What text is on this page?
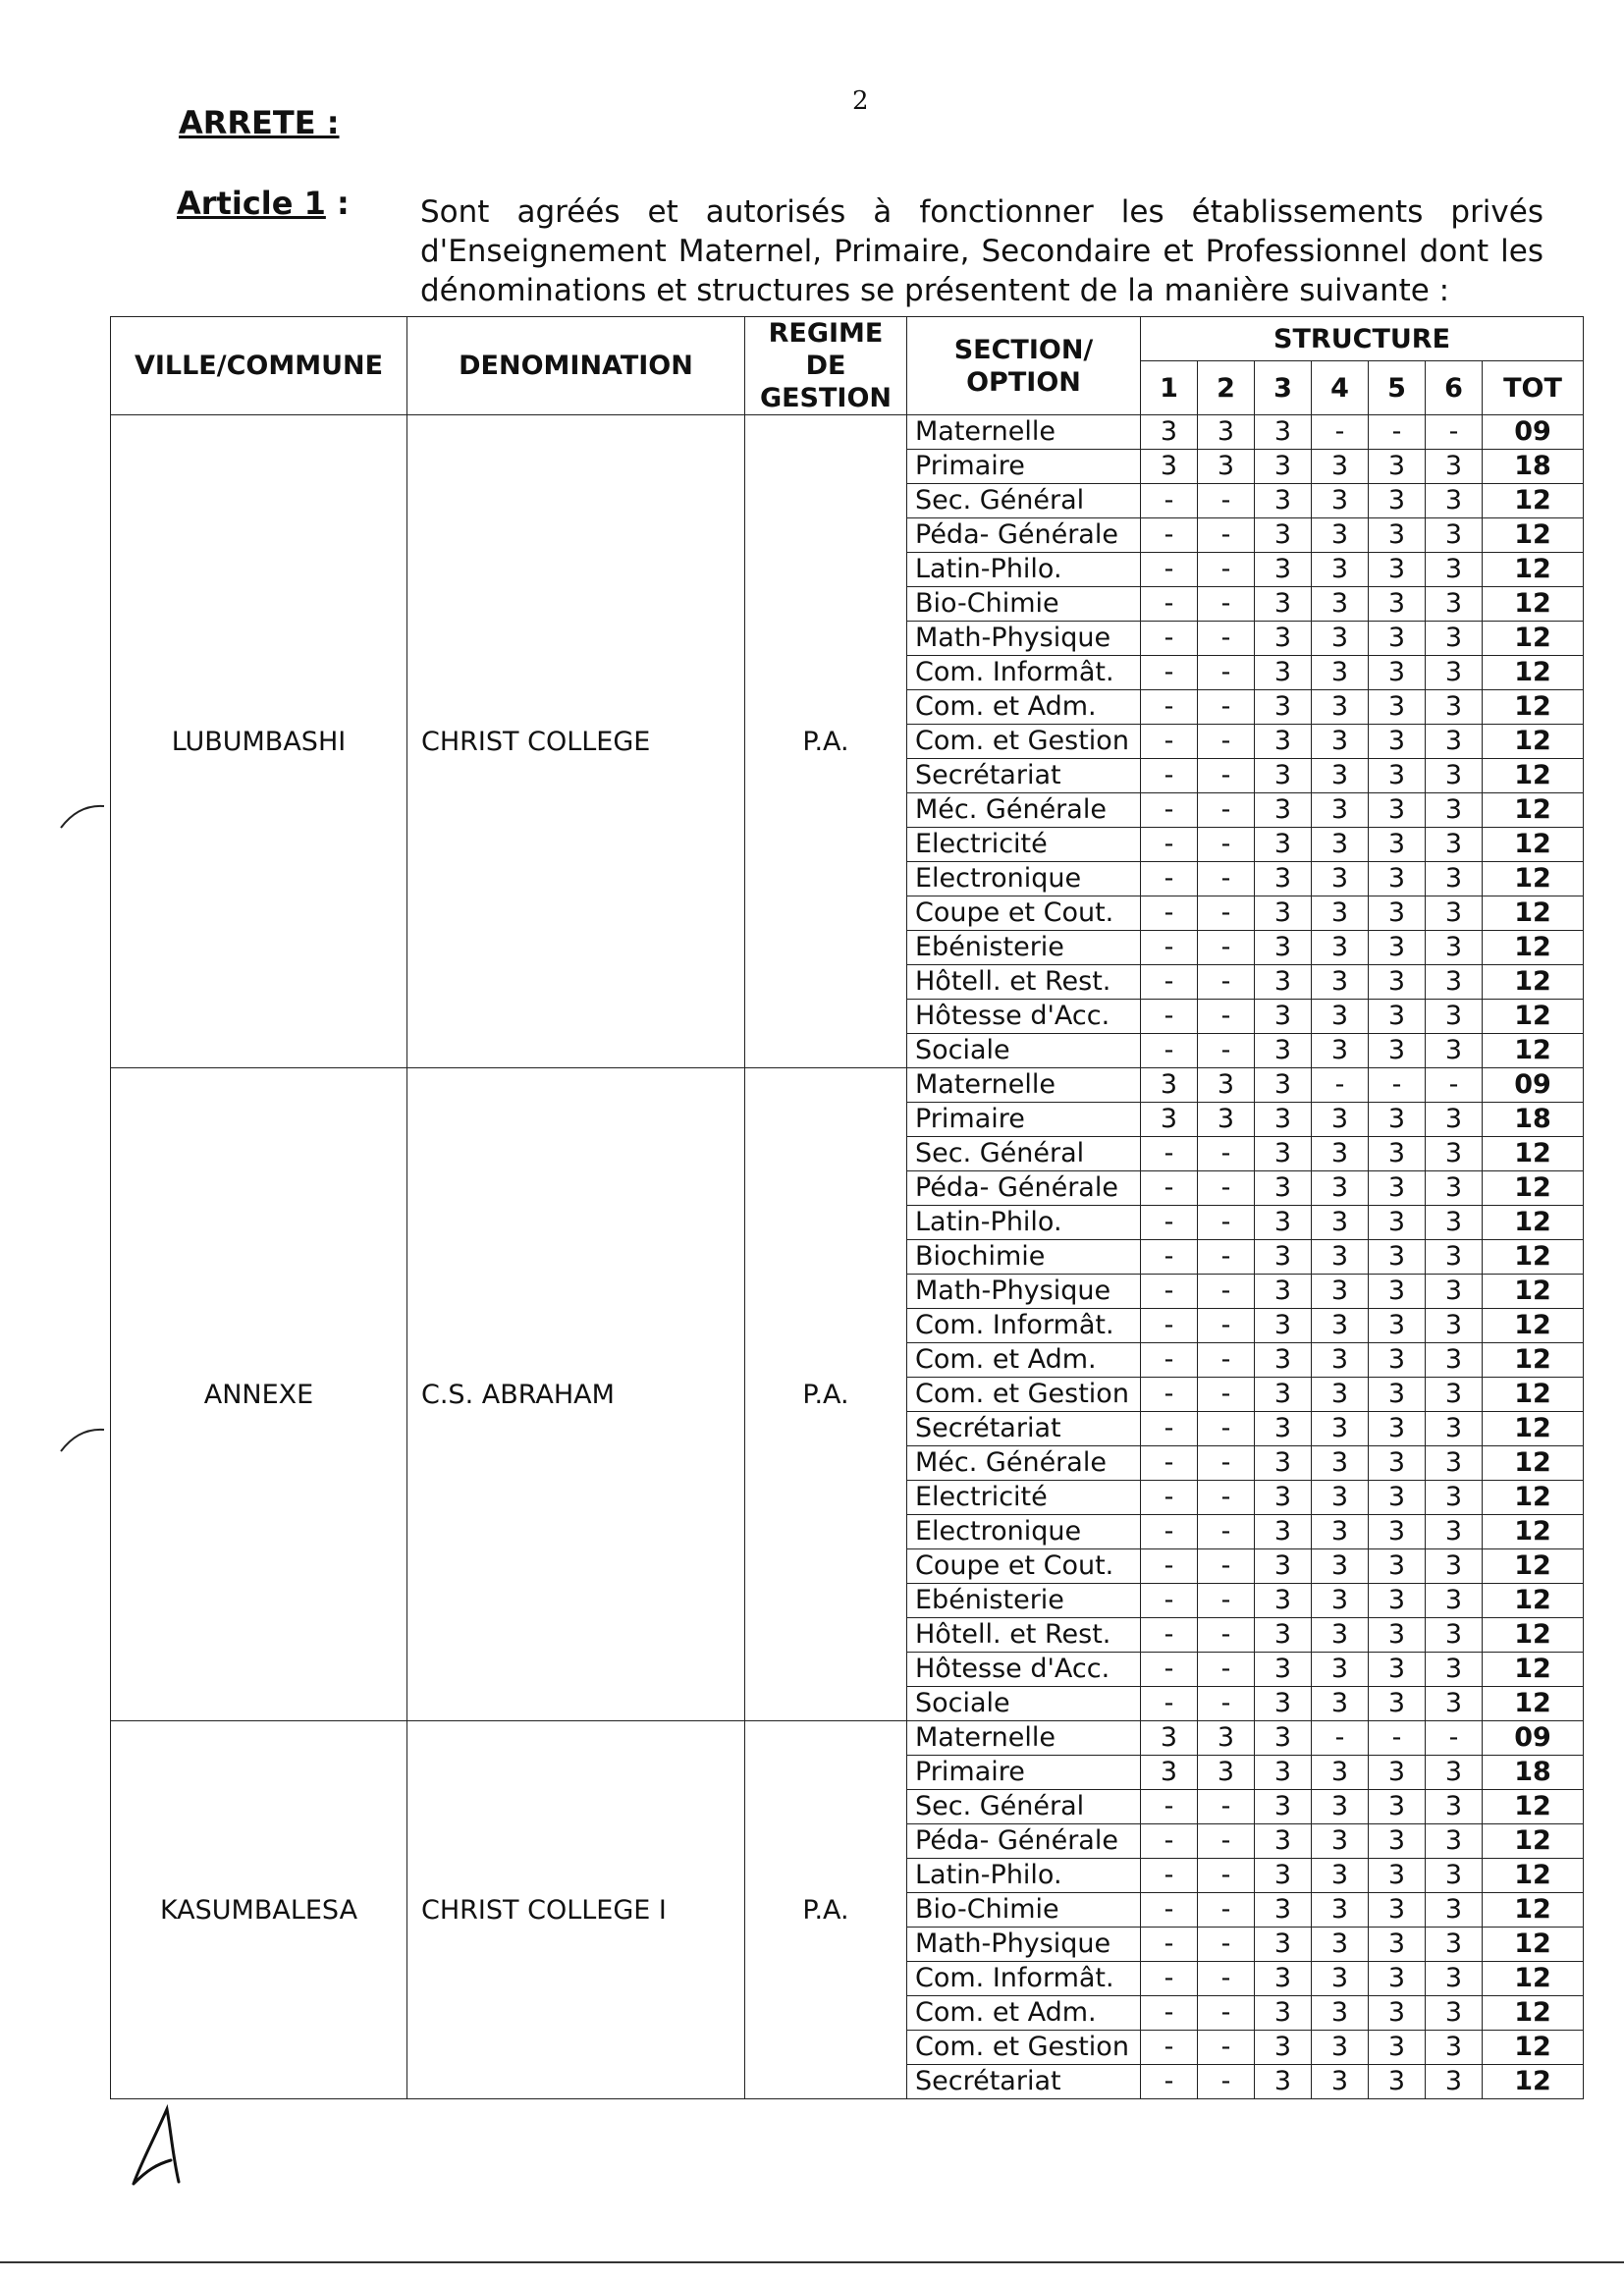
2
ARRETE :
Article 1 : Sont agréés et autorisés à fonctionner les établissements privés d'Enseignement Maternel, Primaire, Secondaire et Professionnel dont les dénominations et structures se présentent de la manière suivante :
VILLE/COMMUNE	DENOMINATION	REGIME DE GESTION	SECTION/ OPTION	STRUCTURE						
				1	2	3	4	5	6	TOT
LUBUMBASHI	CHRIST COLLEGE	P.A.	Maternelle	3	3	3	-	-	-	09
			Primaire	3	3	3	3	3	3	18
			Sec. Général	-	-	3	3	3	3	12
			Péda- Générale	-	-	3	3	3	3	12
			Latin-Philo.	-	-	3	3	3	3	12
			Bio-Chimie	-	-	3	3	3	3	12
			Math-Physique	-	-	3	3	3	3	12
			Com. Informât.	-	-	3	3	3	3	12
			Com. et Adm.	-	-	3	3	3	3	12
			Com. et Gestion	-	-	3	3	3	3	12
			Secrétariat	-	-	3	3	3	3	12
			Méc. Générale	-	-	3	3	3	3	12
			Electricité	-	-	3	3	3	3	12
			Electronique	-	-	3	3	3	3	12
			Coupe et Cout.	-	-	3	3	3	3	12
			Ebénisterie	-	-	3	3	3	3	12
			Hôtell. et Rest.	-	-	3	3	3	3	12
			Hôtesse d'Acc.	-	-	3	3	3	3	12
			Sociale	-	-	3	3	3	3	12
ANNEXE	C.S. ABRAHAM	P.A.	Maternelle	3	3	3	-	-	-	09
			Primaire	3	3	3	3	3	3	18
			Sec. Général	-	-	3	3	3	3	12
			Péda- Générale	-	-	3	3	3	3	12
			Latin-Philo.	-	-	3	3	3	3	12
			Biochimie	-	-	3	3	3	3	12
			Math-Physique	-	-	3	3	3	3	12
			Com. Informât.	-	-	3	3	3	3	12
			Com. et Adm.	-	-	3	3	3	3	12
			Com. et Gestion	-	-	3	3	3	3	12
			Secrétariat	-	-	3	3	3	3	12
			Méc. Générale	-	-	3	3	3	3	12
			Electricité	-	-	3	3	3	3	12
			Electronique	-	-	3	3	3	3	12
			Coupe et Cout.	-	-	3	3	3	3	12
			Ebénisterie	-	-	3	3	3	3	12
			Hôtell. et Rest.	-	-	3	3	3	3	12
			Hôtesse d'Acc.	-	-	3	3	3	3	12
			Sociale	-	-	3	3	3	3	12
KASUMBALESA	CHRIST COLLEGE I	P.A.	Maternelle	3	3	3	-	-	-	09
			Primaire	3	3	3	3	3	3	18
			Sec. Général	-	-	3	3	3	3	12
			Péda- Générale	-	-	3	3	3	3	12
			Latin-Philo.	-	-	3	3	3	3	12
			Bio-Chimie	-	-	3	3	3	3	12
			Math-Physique	-	-	3	3	3	3	12
			Com. Informât.	-	-	3	3	3	3	12
			Com. et Adm.	-	-	3	3	3	3	12
			Com. et Gestion	-	-	3	3	3	3	12
			Secrétariat	-	-	3	3	3	3	12
